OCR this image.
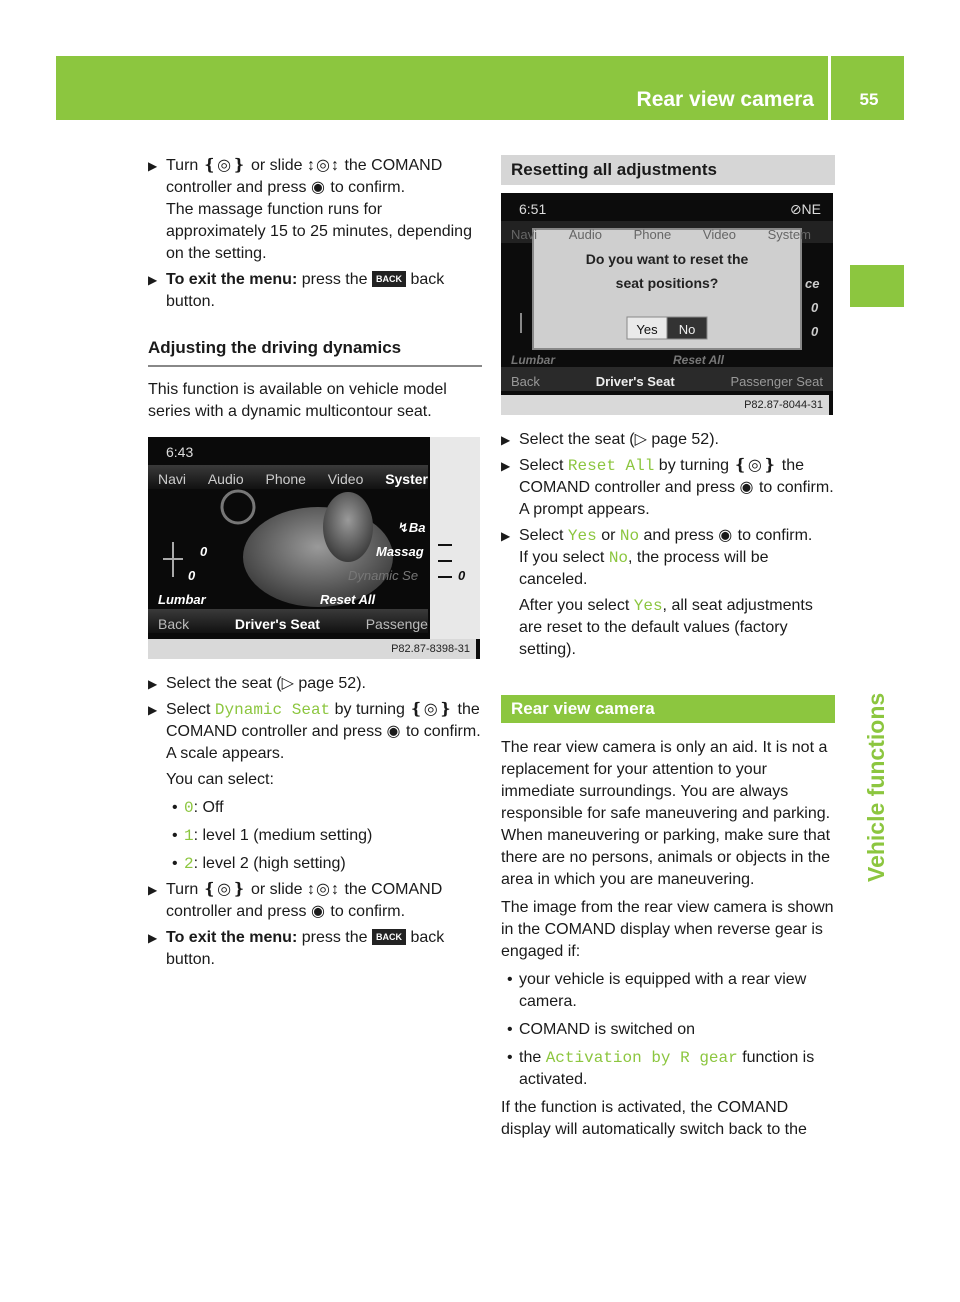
Rear view camera	55
Vehicle functions
▶ Turn ❴◎❵ or slide ↕◎↕ the COMAND controller and press ◉ to confirm.

The massage function runs for approximately 15 to 25 minutes, depending on the setting.

▶ To exit the menu: press the BACK back button.

Adjusting the driving dynamics

This function is available on vehicle model series with a dynamic multicontour seat.

6:43
Navi Audio Phone Video Syster
↯Ba
Massag
Dynamic Se
Lumbar	Reset All
0
0	0
Back	Driver's Seat	Passenge
P82.87-8398-31
▶ Select the seat (▷ page 52).

▶ Select Dynamic Seat by turning ❴◎❵ the COMAND controller and press ◉ to confirm.

A scale appears.

You can select:

• 0: Off
• 1: level 1 (medium setting)
• 2: level 2 (high setting)
▶ Turn ❴◎❵ or slide ↕◎↕ the COMAND controller and press ◉ to confirm.

▶ To exit the menu: press the BACK back button.

Resetting all adjustments
6:51	⊘NE
Navi Audio Phone Video System
Do you want to reset the
seat positions?
Yes	No
ce
0
0
Lumbar	Reset All
Back	Driver's Seat	Passenger Seat
P82.87-8044-31
▶ Select the seat (▷ page 52).

▶ Select Reset All by turning ❴◎❵ the COMAND controller and press ◉ to confirm.

A prompt appears.

▶ Select Yes or No and press ◉ to confirm.

If you select No, the process will be canceled.

After you select Yes, all seat adjustments are reset to the default values (factory setting).

Rear view camera

The rear view camera is only an aid. It is not a replacement for your attention to your immediate surroundings. You are always responsible for safe maneuvering and parking. When maneuvering or parking, make sure that there are no persons, animals or objects in the area in which you are maneuvering.

The image from the rear view camera is shown in the COMAND display when reverse gear is engaged if:

• your vehicle is equipped with a rear view camera.
• COMAND is switched on
• the Activation by R gear function is activated.

If the function is activated, the COMAND display will automatically switch back to the
